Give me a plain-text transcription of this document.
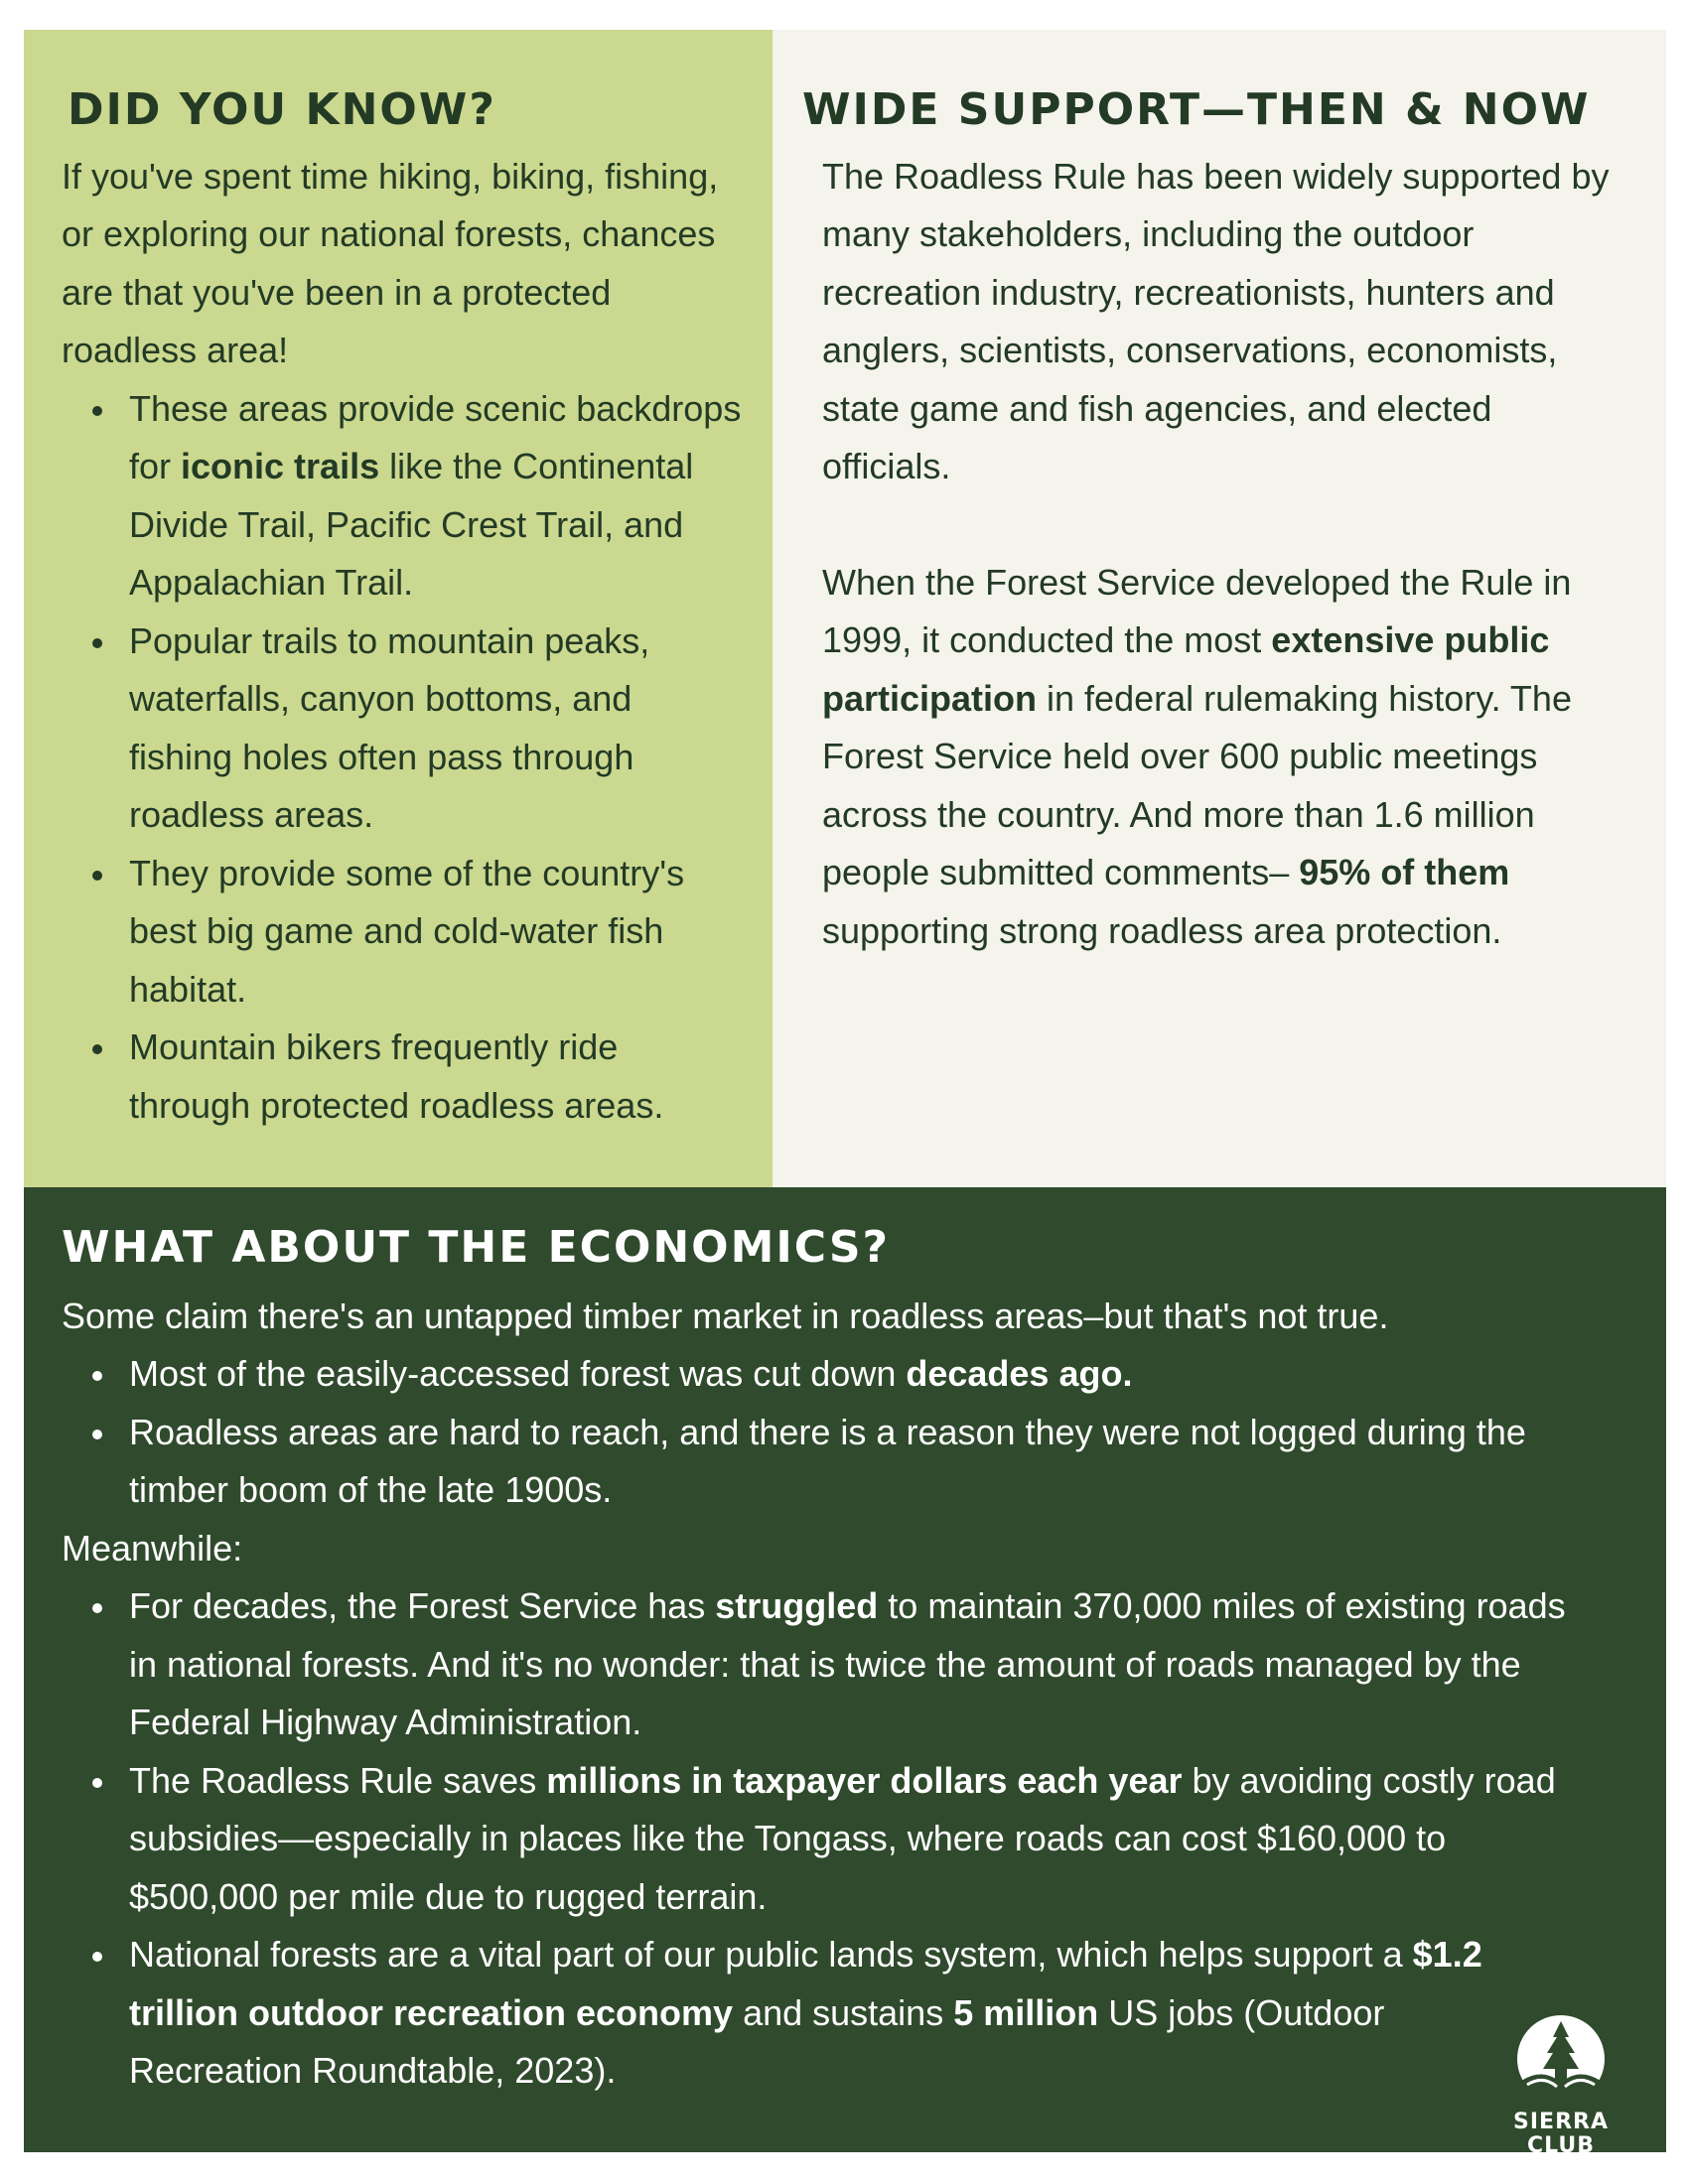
DID YOU KNOW?

If you've spent time hiking, biking, fishing, or exploring our national forests, chances are that you've been in a protected roadless area!

These areas provide scenic backdrops for iconic trails like the Continental Divide Trail, Pacific Crest Trail, and Appalachian Trail.
Popular trails to mountain peaks, waterfalls, canyon bottoms, and fishing holes often pass through roadless areas.
They provide some of the country's best big game and cold-water fish habitat.
Mountain bikers frequently ride through protected roadless areas.
WIDE SUPPORT—THEN & NOW

The Roadless Rule has been widely supported by many stakeholders, including the outdoor recreation industry, recreationists, hunters and anglers, scientists, conservations, economists, state game and fish agencies, and elected officials.

When the Forest Service developed the Rule in 1999, it conducted the most extensive public participation in federal rulemaking history. The Forest Service held over 600 public meetings across the country. And more than 1.6 million people submitted comments– 95% of them supporting strong roadless area protection.

WHAT ABOUT THE ECONOMICS?

Some claim there's an untapped timber market in roadless areas–but that's not true.

Most of the easily-accessed forest was cut down decades ago.
Roadless areas are hard to reach, and there is a reason they were not logged during the timber boom of the late 1900s.

Meanwhile:

For decades, the Forest Service has struggled to maintain 370,000 miles of existing roads in national forests. And it's no wonder: that is twice the amount of roads managed by the Federal Highway Administration.
The Roadless Rule saves millions in taxpayer dollars each year by avoiding costly road subsidies—especially in places like the Tongass, where roads can cost $160,000 to $500,000 per mile due to rugged terrain.
National forests are a vital part of our public lands system, which helps support a $1.2 trillion outdoor recreation economy and sustains 5 million US jobs (Outdoor Recreation Roundtable, 2023).
SIERRA
CLUB
